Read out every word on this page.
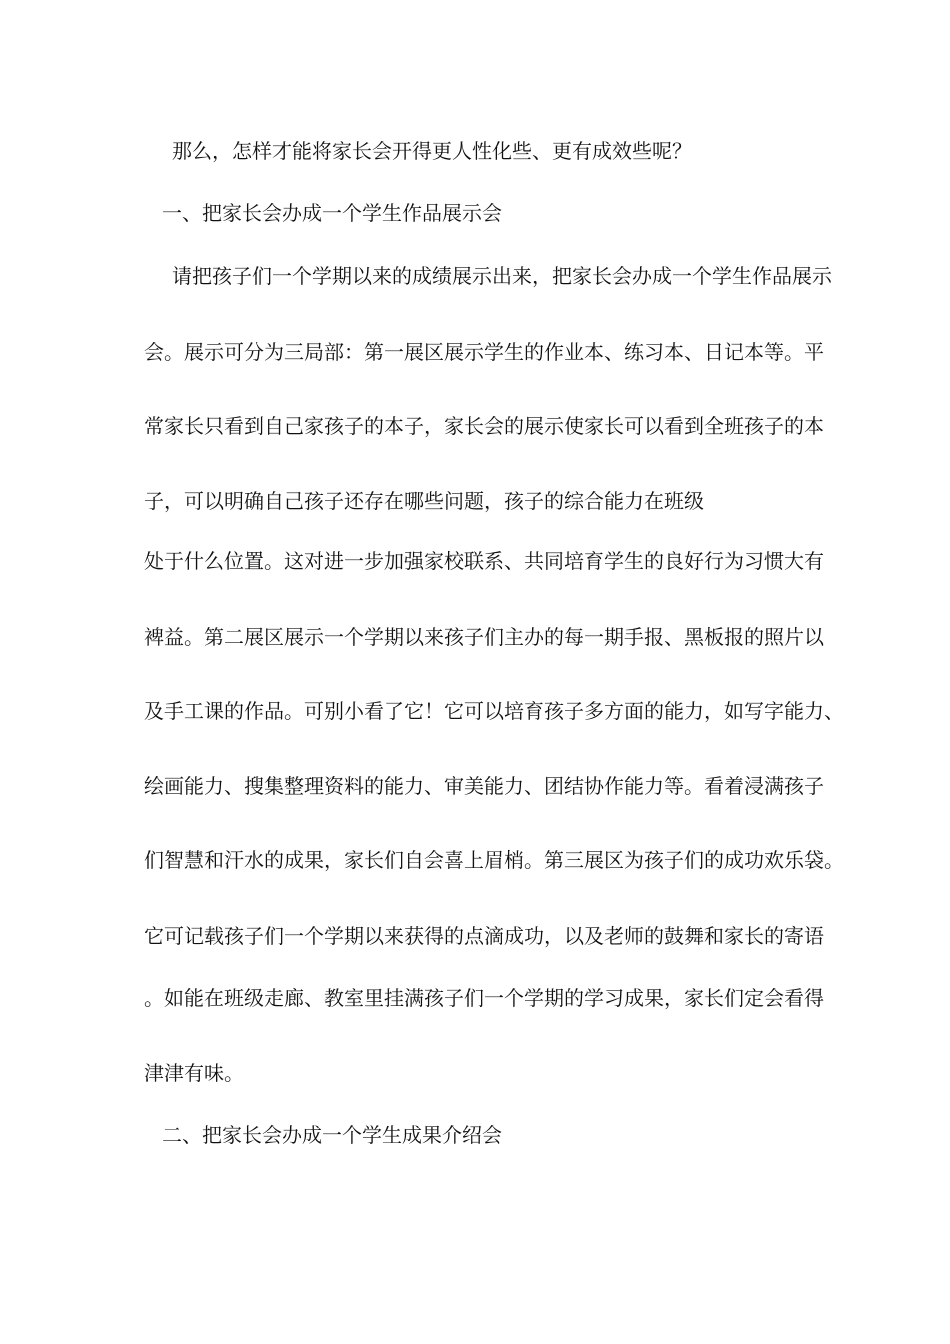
那么，怎样才能将家长会开得更人性化些、更有成效些呢？
一、把家长会办成一个学生作品展示会
请把孩子们一个学期以来的成绩展示出来，把家长会办成一个学生作品展示
会。展示可分为三局部：第一展区展示学生的作业本、练习本、日记本等。平
常家长只看到自己家孩子的本子，家长会的展示使家长可以看到全班孩子的本
子，可以明确自己孩子还存在哪些问题，孩子的综合能力在班级
处于什么位置。这对进一步加强家校联系、共同培育学生的良好行为习惯大有
裨益。第二展区展示一个学期以来孩子们主办的每一期手报、黑板报的照片以
及手工课的作品。可别小看了它！它可以培育孩子多方面的能力，如写字能力、
绘画能力、搜集整理资料的能力、审美能力、团结协作能力等。看着浸满孩子
们智慧和汗水的成果，家长们自会喜上眉梢。第三展区为孩子们的成功欢乐袋。
它可记载孩子们一个学期以来获得的点滴成功，以及老师的鼓舞和家长的寄语
。如能在班级走廊、教室里挂满孩子们一个学期的学习成果，家长们定会看得
津津有味。
二、把家长会办成一个学生成果介绍会
